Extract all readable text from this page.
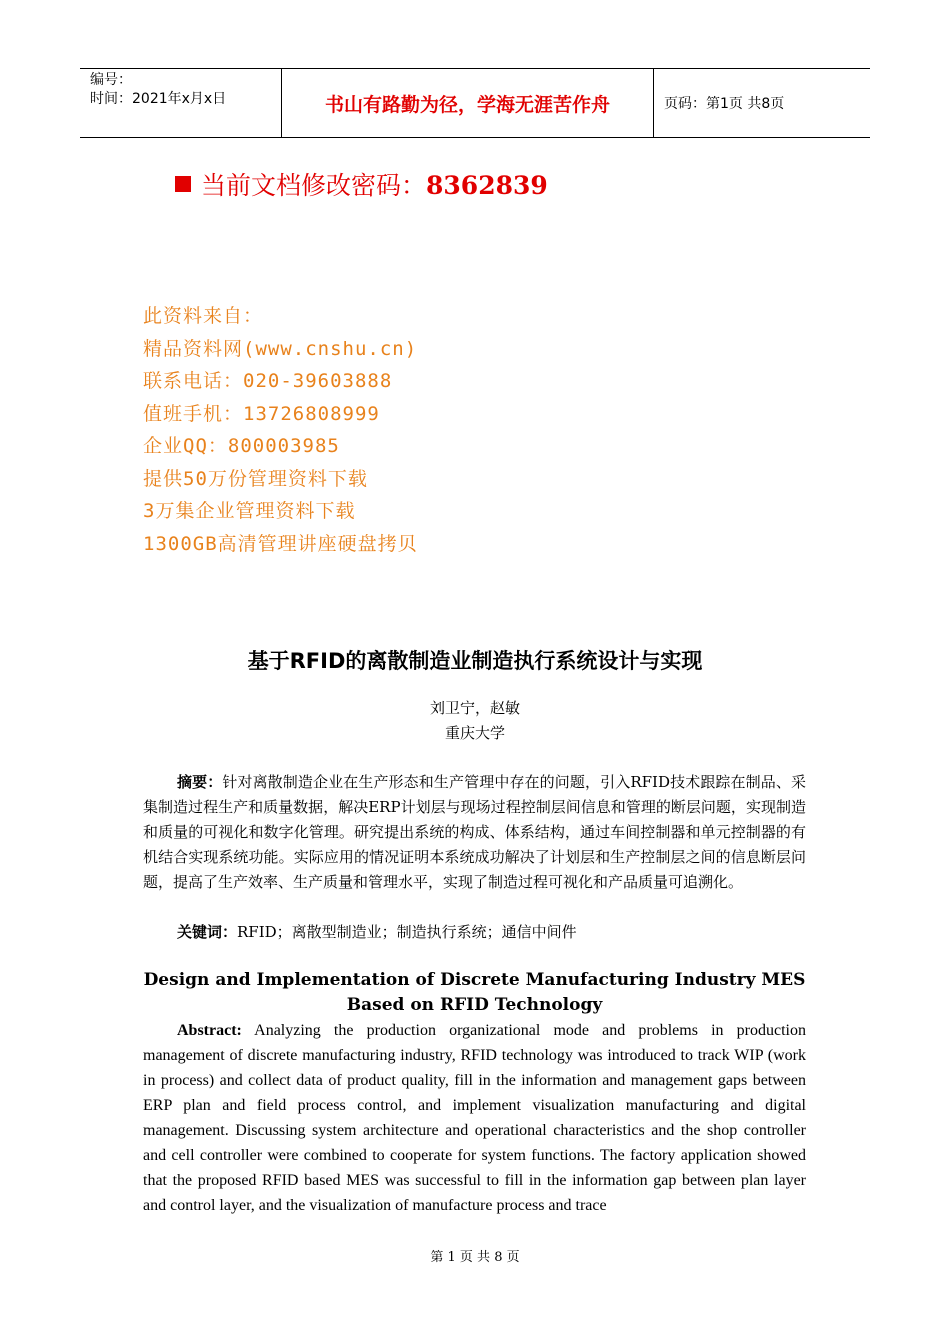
编号：
时间：2021年x月x日	书山有路勤为径，学海无涯苦作舟	页码：第1页 共8页
当前文档修改密码：8362839
此资料来自：
精品资料网(www.cnshu.cn)
联系电话：020-39603888
值班手机：13726808999
企业QQ：800003985
提供50万份管理资料下载
3万集企业管理资料下载
1300GB高清管理讲座硬盘拷贝
基于RFID的离散制造业制造执行系统设计与实现
刘卫宁，赵敏
重庆大学
摘要：针对离散制造企业在生产形态和生产管理中存在的问题，引入RFID技术跟踪在制品、采集制造过程生产和质量数据，解决ERP计划层与现场过程控制层间信息和管理的断层问题，实现制造和质量的可视化和数字化管理。研究提出系统的构成、体系结构，通过车间控制器和单元控制器的有机结合实现系统功能。实际应用的情况证明本系统成功解决了计划层和生产控制层之间的信息断层问题，提高了生产效率、生产质量和管理水平，实现了制造过程可视化和产品质量可追溯化。
关键词：RFID；离散型制造业；制造执行系统；通信中间件
Design and Implementation of Discrete Manufacturing Industry MES Based on RFID Technology
Abstract: Analyzing the production organizational mode and problems in production management of discrete manufacturing industry, RFID technology was introduced to track WIP (work in process) and collect data of product quality, fill in the information and management gaps between ERP plan and field process control, and implement visualization manufacturing and digital management. Discussing system architecture and operational characteristics and the shop controller and cell controller were combined to cooperate for system functions. The factory application showed that the proposed RFID based MES was successful to fill in the information gap between plan layer and control layer, and the visualization of manufacture process and trace
第 1 页 共 8 页
